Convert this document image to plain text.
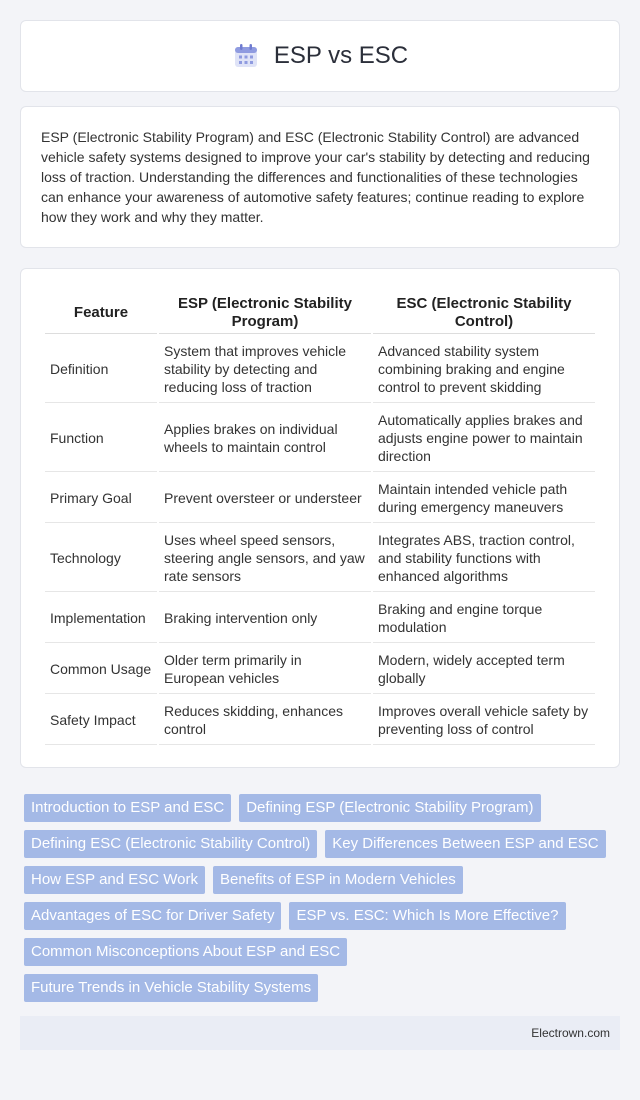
ESP vs ESC

ESP (Electronic Stability Program) and ESC (Electronic Stability Control) are advanced vehicle safety systems designed to improve your car's stability by detecting and reducing loss of traction. Understanding the differences and functionalities of these technologies can enhance your awareness of automotive safety features; continue reading to explore how they work and why they matter.

Feature	ESP (Electronic Stability Program)	ESC (Electronic Stability Control)
Definition	System that improves vehicle stability by detecting and reducing loss of traction	Advanced stability system combining braking and engine control to prevent skidding
Function	Applies brakes on individual wheels to maintain control	Automatically applies brakes and adjusts engine power to maintain direction
Primary Goal	Prevent oversteer or understeer	Maintain intended vehicle path during emergency maneuvers
Technology	Uses wheel speed sensors, steering angle sensors, and yaw rate sensors	Integrates ABS, traction control, and stability functions with enhanced algorithms
Implementation	Braking intervention only	Braking and engine torque modulation
Common Usage	Older term primarily in European vehicles	Modern, widely accepted term globally
Safety Impact	Reduces skidding, enhances control	Improves overall vehicle safety by preventing loss of control
Introduction to ESP and ESC	Defining ESP (Electronic Stability Program)
Defining ESC (Electronic Stability Control)	Key Differences Between ESP and ESC
How ESP and ESC Work	Benefits of ESP in Modern Vehicles
Advantages of ESC for Driver Safety	ESP vs. ESC: Which Is More Effective?
Common Misconceptions About ESP and ESC
Future Trends in Vehicle Stability Systems
Electrown.com
